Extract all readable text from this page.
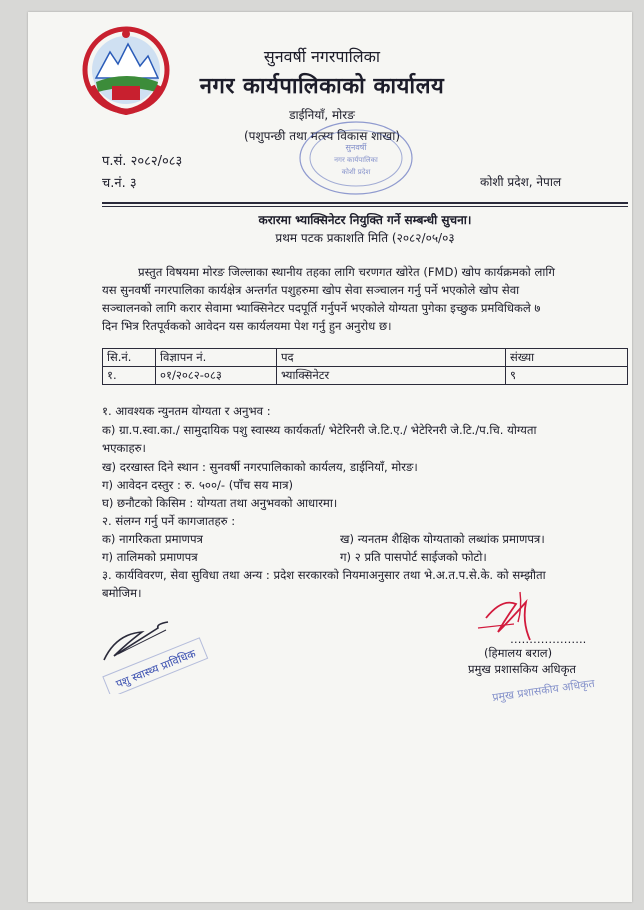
सुनवर्षी नगरपालिका
नगर कार्यपालिकाको कार्यालय
डाईनियाँ, मोरङ
(पशुपन्छी तथा मत्स्य विकास शाखा)
सुनवर्षी
नगर कार्यपालिका
कोशी प्रदेश
प.सं. २०८२/०८३
च.नं. ३	कोशी प्रदेश, नेपाल
करारमा भ्याक्सिनेटर नियुक्ति गर्ने सम्बन्धी सुचना।
प्रथम पटक प्रकाशति मिति (२०८२/०५/०३
प्रस्तुत विषयमा मोरङ जिल्लाका स्थानीय तहका लागि चरणगत खोरेत (FMD) खोप कार्यक्रमको लागि
यस सुनवर्षी नगरपालिका कार्यक्षेत्र अन्तर्गत पशुहरुमा खोप सेवा सञ्चालन गर्नु पर्ने भएकोले खोप सेवा
सञ्चालनको लागि करार सेवामा भ्याक्सिनेटर पदपूर्ति गर्नुपर्ने भएकोले योग्यता पुगेका इच्छुक प्रमविधिकले ७
दिन भित्र रितपूर्वकको आवेदन यस कार्यलयमा पेश गर्नु हुन अनुरोध छ।
सि.नं.	विज्ञापन नं.	पद	संख्या
१.	०१/२०८२-०८३	भ्याक्सिनेटर	९
१. आवश्यक न्युनतम योग्यता र अनुभव :
क) ग्रा.प.स्वा.का./ सामुदायिक पशु स्वास्थ्य कार्यकर्ता/ भेटेरिनरी जे.टि.ए./ भेटेरिनरी जे.टि./प.चि. योग्यता
भएकाहरु।
ख) दरखास्त दिने स्थान : सुनवर्षी नगरपालिकाको कार्यलय, डाईनियाँ, मोरङ।
ग) आवेदन दस्तुर : रु. ५००/- (पाँच सय मात्र)
घ) छनौटको किसिम : योग्यता तथा अनुभवको आधारमा।
२. संलग्न गर्नु पर्ने कागजातहरु :
क) नागरिकता प्रमाणपत्र	ख) न्यनतम शैक्षिक योग्यताको लब्धांक प्रमाणपत्र।
ग) तालिमको प्रमाणपत्र	ग) २ प्रति पासपोर्ट साईजको फोटो।
३. कार्यविवरण, सेवा सुविधा तथा अन्य : प्रदेश सरकारको नियमाअनुसार तथा भे.अ.त.प.से.के. को सम्झौता
बमोजिम।
पशु स्वास्थ्य प्राविधिक
………………..
(हिमालय बराल)
प्रमुख प्रशासकिय अधिकृत
प्रमुख प्रशासकीय अधिकृत
